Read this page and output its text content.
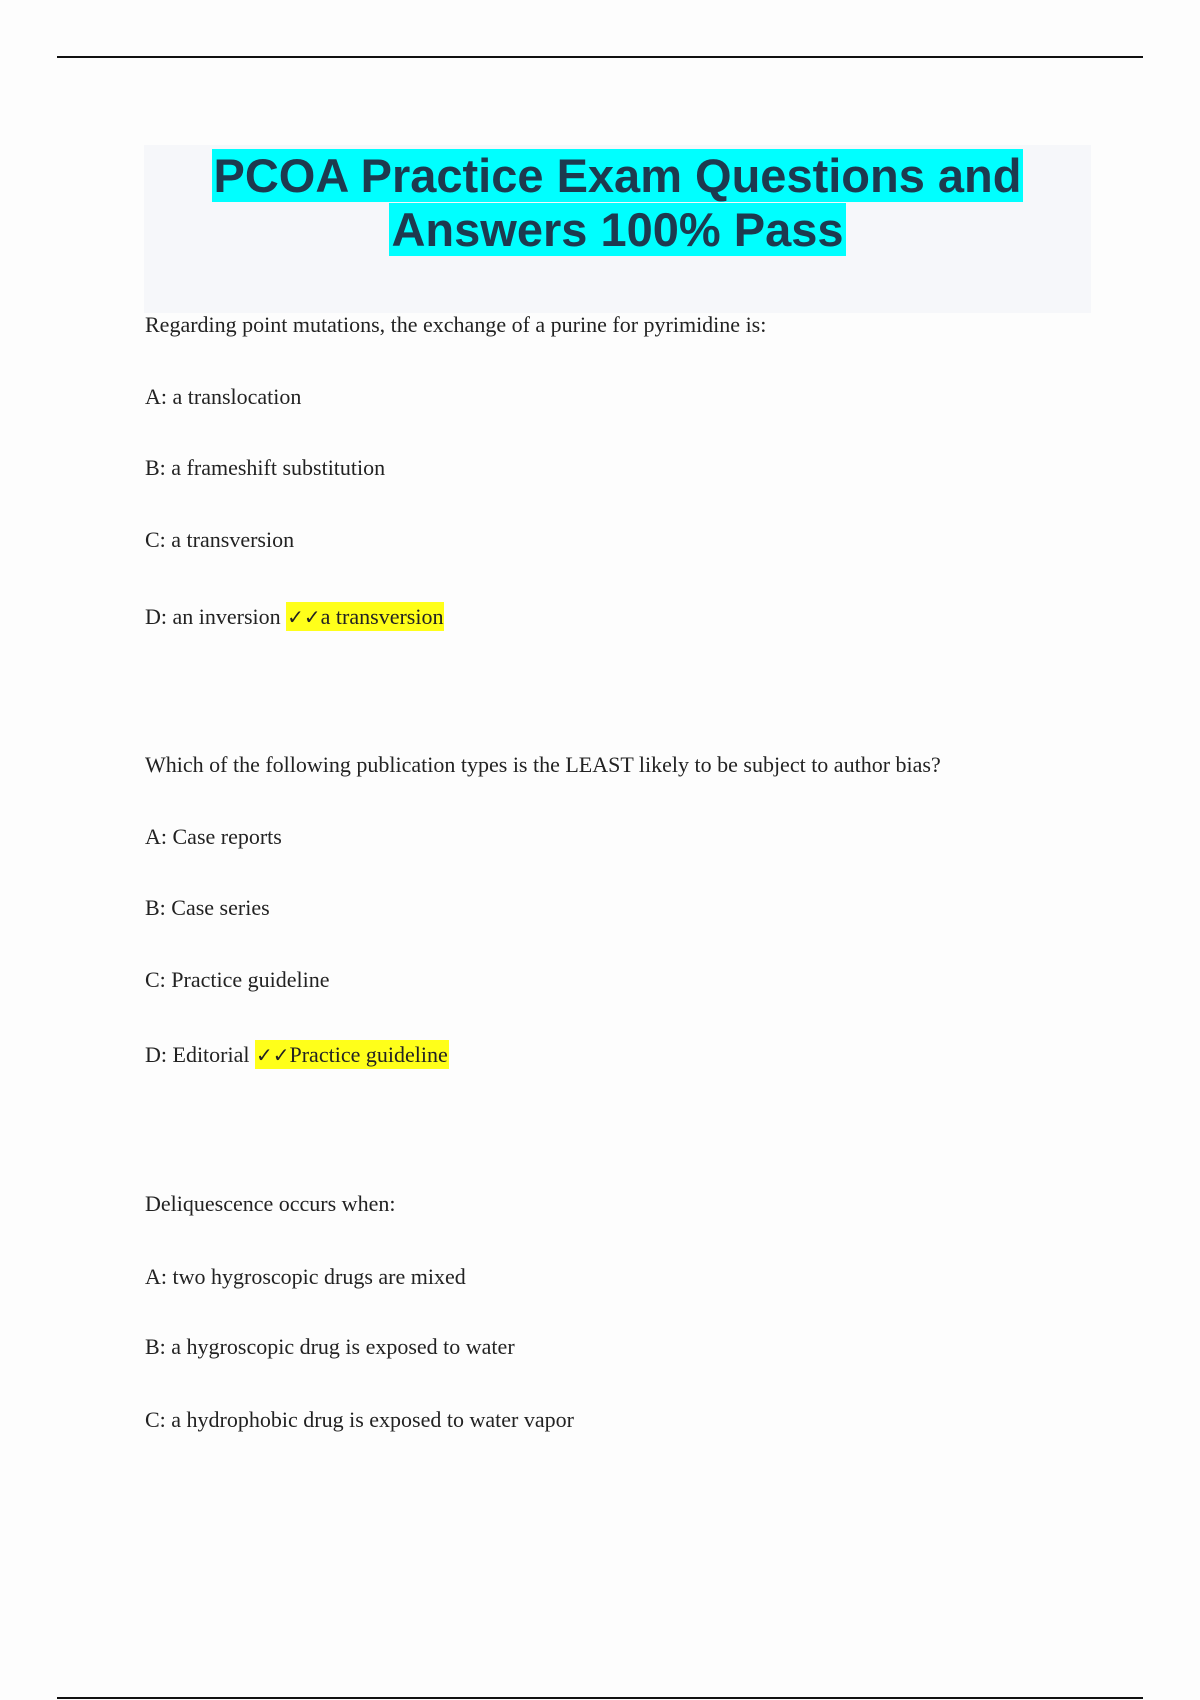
PCOA Practice Exam Questions and
Answers 100% Pass
Regarding point mutations, the exchange of a purine for pyrimidine is:
A: a translocation
B: a frameshift substitution
C: a transversion
D: an inversion ✓✓a transversion
Which of the following publication types is the LEAST likely to be subject to author bias?
A: Case reports
B: Case series
C: Practice guideline
D: Editorial ✓✓Practice guideline
Deliquescence occurs when:
A: two hygroscopic drugs are mixed
B: a hygroscopic drug is exposed to water
C: a hydrophobic drug is exposed to water vapor
